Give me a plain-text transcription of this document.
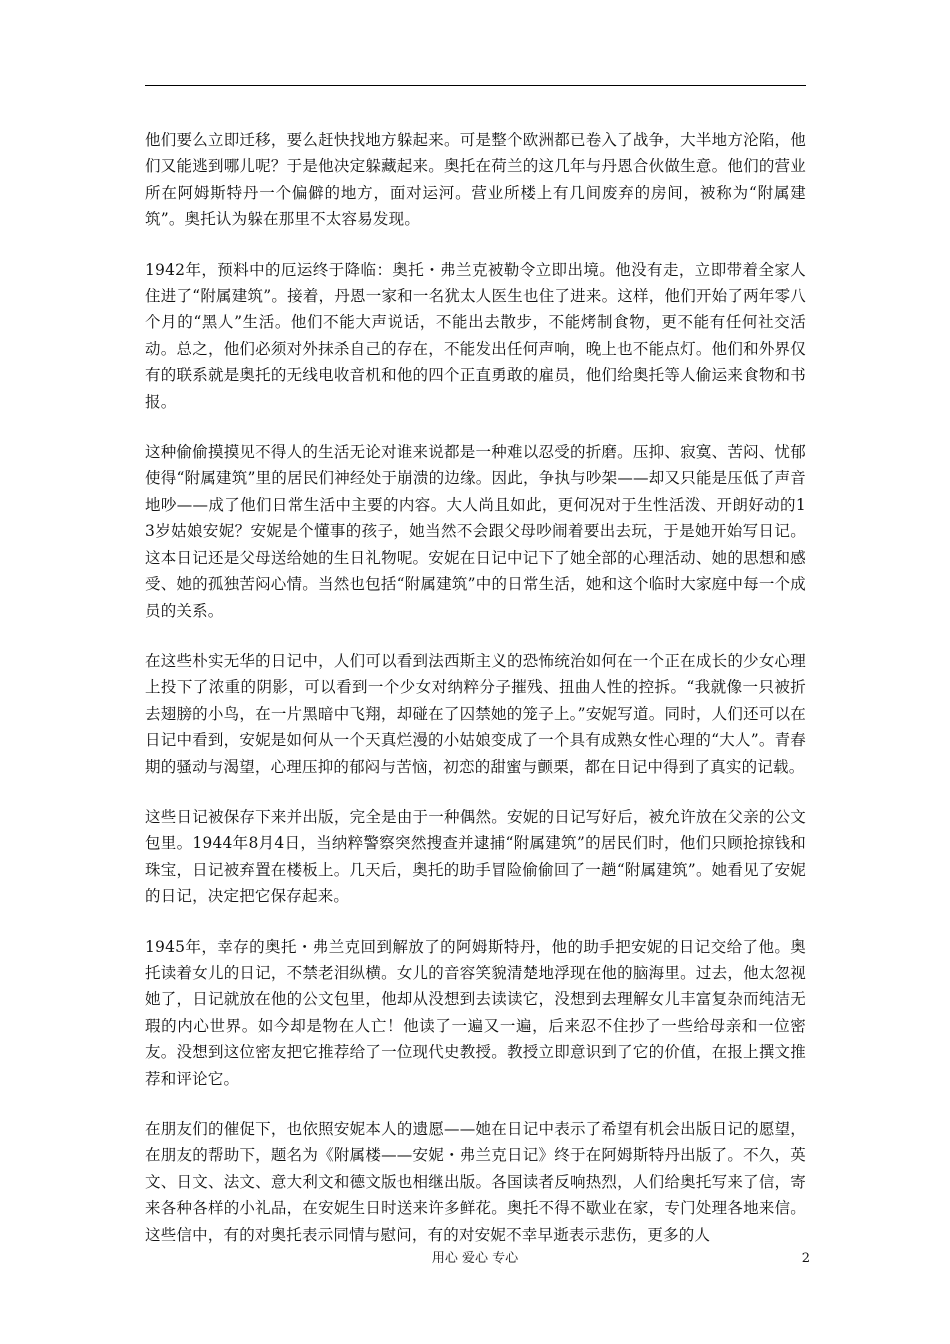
他们要么立即迁移，要么赶快找地方躲起来。可是整个欧洲都已卷入了战争，大半地方沦陷，他们又能逃到哪儿呢？于是他决定躲藏起来。奥托在荷兰的这几年与丹恩合伙做生意。他们的营业所在阿姆斯特丹一个偏僻的地方，面对运河。营业所楼上有几间废弃的房间，被称为“附属建筑”。奥托认为躲在那里不太容易发现。

1942年，预料中的厄运终于降临：奥托・弗兰克被勒令立即出境。他没有走，立即带着全家人住进了“附属建筑”。接着，丹恩一家和一名犹太人医生也住了进来。这样，他们开始了两年零八个月的“黑人”生活。他们不能大声说话，不能出去散步，不能烤制食物，更不能有任何社交活动。总之，他们必须对外抹杀自己的存在，不能发出任何声响，晚上也不能点灯。他们和外界仅有的联系就是奥托的无线电收音机和他的四个正直勇敢的雇员，他们给奥托等人偷运来食物和书报。

这种偷偷摸摸见不得人的生活无论对谁来说都是一种难以忍受的折磨。压抑、寂寞、苦闷、忧郁使得“附属建筑”里的居民们神经处于崩溃的边缘。因此，争执与吵架——却又只能是压低了声音地吵——成了他们日常生活中主要的内容。大人尚且如此，更何况对于生性活泼、开朗好动的13岁姑娘安妮？安妮是个懂事的孩子，她当然不会跟父母吵闹着要出去玩，于是她开始写日记。这本日记还是父母送给她的生日礼物呢。安妮在日记中记下了她全部的心理活动、她的思想和感受、她的孤独苦闷心情。当然也包括“附属建筑”中的日常生活，她和这个临时大家庭中每一个成员的关系。

在这些朴实无华的日记中，人们可以看到法西斯主义的恐怖统治如何在一个正在成长的少女心理上投下了浓重的阴影，可以看到一个少女对纳粹分子摧残、扭曲人性的控拆。“我就像一只被折去翅膀的小鸟，在一片黑暗中飞翔，却碰在了囚禁她的笼子上。”安妮写道。同时，人们还可以在日记中看到，安妮是如何从一个天真烂漫的小姑娘变成了一个具有成熟女性心理的“大人”。青春期的骚动与渴望，心理压抑的郁闷与苦恼，初恋的甜蜜与颤栗，都在日记中得到了真实的记载。

这些日记被保存下来并出版，完全是由于一种偶然。安妮的日记写好后，被允许放在父亲的公文包里。1944年8月4日，当纳粹警察突然搜查并逮捕“附属建筑”的居民们时，他们只顾抢掠钱和珠宝，日记被弃置在楼板上。几天后，奥托的助手冒险偷偷回了一趟“附属建筑”。她看见了安妮的日记，决定把它保存起来。

1945年，幸存的奥托・弗兰克回到解放了的阿姆斯特丹，他的助手把安妮的日记交给了他。奥托读着女儿的日记，不禁老泪纵横。女儿的音容笑貌清楚地浮现在他的脑海里。过去，他太忽视她了，日记就放在他的公文包里，他却从没想到去读读它，没想到去理解女儿丰富复杂而纯洁无瑕的内心世界。如今却是物在人亡！他读了一遍又一遍，后来忍不住抄了一些给母亲和一位密友。没想到这位密友把它推荐给了一位现代史教授。教授立即意识到了它的价值，在报上撰文推荐和评论它。

在朋友们的催促下，也依照安妮本人的遗愿——她在日记中表示了希望有机会出版日记的愿望，在朋友的帮助下，题名为《附属楼——安妮・弗兰克日记》终于在阿姆斯特丹出版了。不久，英文、日文、法文、意大利文和德文版也相继出版。各国读者反响热烈，人们给奥托写来了信，寄来各种各样的小礼品，在安妮生日时送来许多鲜花。奥托不得不歇业在家，专门处理各地来信。这些信中，有的对奥托表示同情与慰问，有的对安妮不幸早逝表示悲伤，更多的人

用心 爱心 专心	2
